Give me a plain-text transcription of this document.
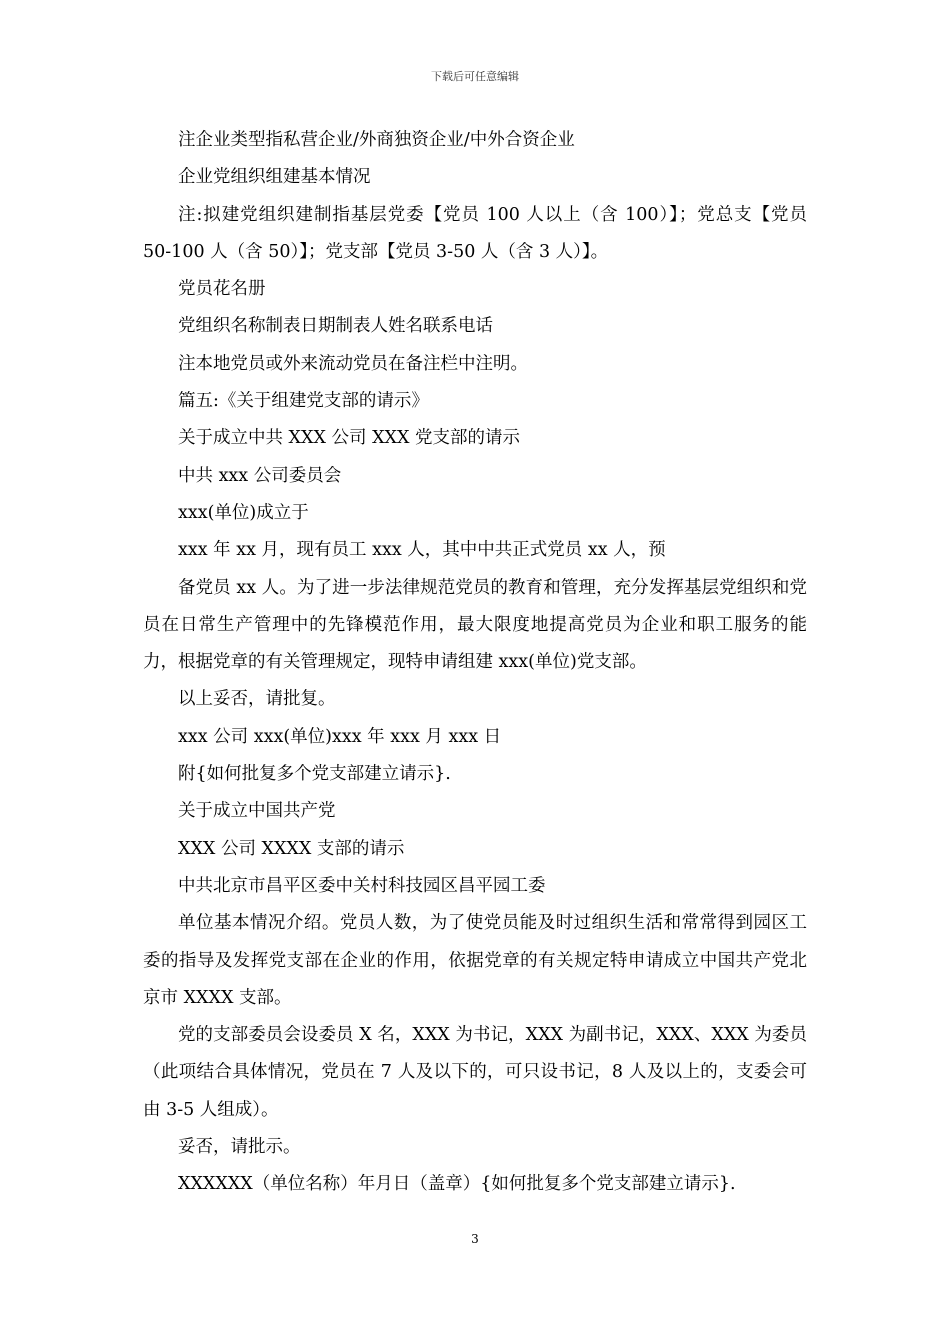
下载后可任意编辑

注企业类型指私营企业/外商独资企业/中外合资企业

企业党组织组建基本情况

注:拟建党组织建制指基层党委【党员 100 人以上（含 100）】；党总支【党员 50-100 人（含 50）】；党支部【党员 3-50 人（含 3 人）】。

党员花名册

党组织名称制表日期制表人姓名联系电话

注本地党员或外来流动党员在备注栏中注明。

篇五:《关于组建党支部的请示》

关于成立中共 XXX 公司 XXX 党支部的请示

中共 xxx 公司委员会

xxx(单位)成立于

xxx 年 xx 月，现有员工 xxx 人，其中中共正式党员 xx 人，预

备党员 xx 人。为了进一步法律规范党员的教育和管理，充分发挥基层党组织和党员在日常生产管理中的先锋模范作用，最大限度地提高党员为企业和职工服务的能力，根据党章的有关管理规定，现特申请组建 xxx(单位)党支部。

以上妥否，请批复。

xxx 公司 xxx(单位)xxx 年 xxx 月 xxx 日

附{如何批复多个党支部建立请示}.

关于成立中国共产党

XXX 公司 XXXX 支部的请示

中共北京市昌平区委中关村科技园区昌平园工委

单位基本情况介绍。党员人数，为了使党员能及时过组织生活和常常得到园区工委的指导及发挥党支部在企业的作用，依据党章的有关规定特申请成立中国共产党北京市 XXXX 支部。

党的支部委员会设委员 X 名，XXX 为书记，XXX 为副书记，XXX、XXX 为委员（此项结合具体情况，党员在 7 人及以下的，可只设书记，8 人及以上的，支委会可由 3-5 人组成）。

妥否，请批示。

XXXXXX（单位名称）年月日（盖章）{如何批复多个党支部建立请示}.

3
